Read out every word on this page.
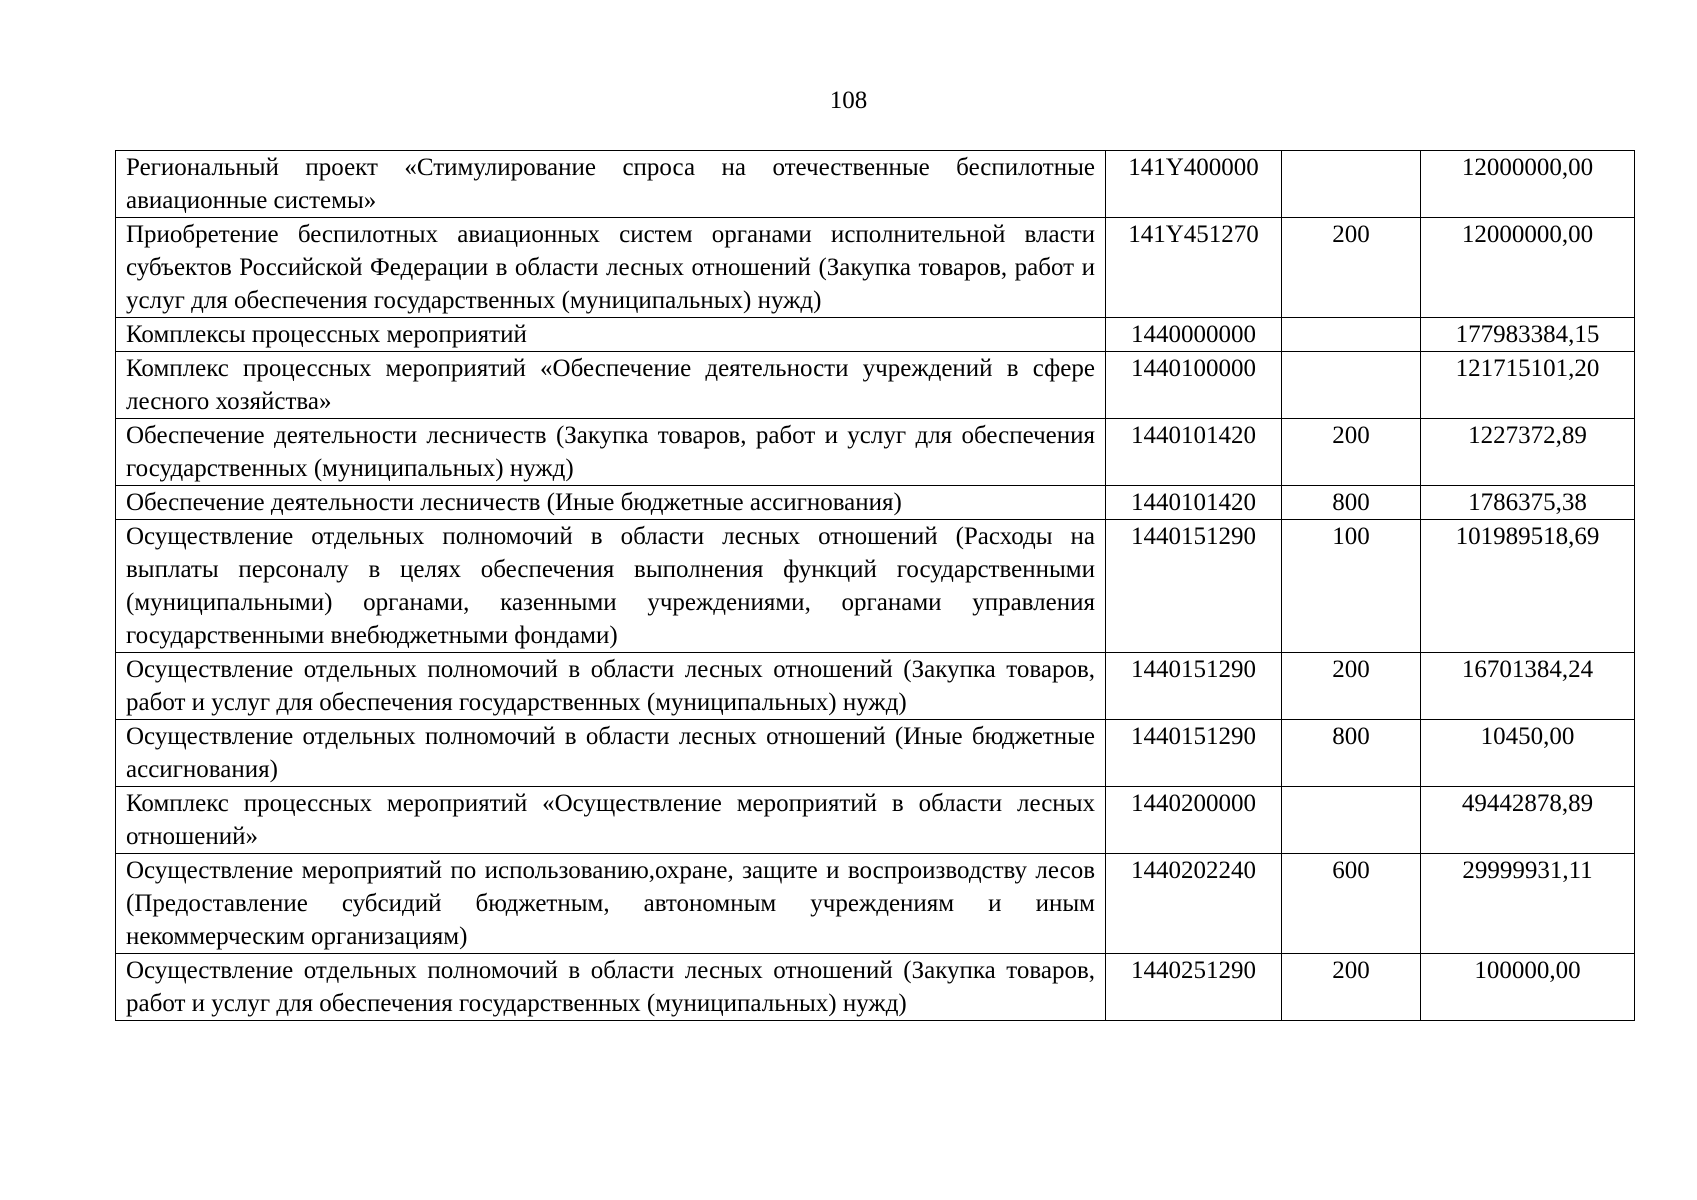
108
Региональный проект «Стимулирование спроса на отечественные беспилотные авиационные системы»	141Y400000		12000000,00
Приобретение беспилотных авиационных систем органами исполнительной власти субъектов Российской Федерации в области лесных отношений (Закупка товаров, работ и услуг для обеспечения государственных (муниципальных) нужд)	141Y451270	200	12000000,00
Комплексы процессных мероприятий	1440000000		177983384,15
Комплекс процессных мероприятий «Обеспечение деятельности учреждений в сфере лесного хозяйства»	1440100000		121715101,20
Обеспечение деятельности лесничеств (Закупка товаров, работ и услуг для обеспечения государственных (муниципальных) нужд)	1440101420	200	1227372,89
Обеспечение деятельности лесничеств (Иные бюджетные ассигнования)	1440101420	800	1786375,38
Осуществление отдельных полномочий в области лесных отношений (Расходы на выплаты персоналу в целях обеспечения выполнения функций государственными (муниципальными) органами, казенными учреждениями, органами управления государственными внебюджетными фондами)	1440151290	100	101989518,69
Осуществление отдельных полномочий в области лесных отношений (Закупка товаров, работ и услуг для обеспечения государственных (муниципальных) нужд)	1440151290	200	16701384,24
Осуществление отдельных полномочий в области лесных отношений (Иные бюджетные ассигнования)	1440151290	800	10450,00
Комплекс процессных мероприятий «Осуществление мероприятий в области лесных отношений»	1440200000		49442878,89
Осуществление мероприятий по использованию,охране, защите и воспроизводству лесов (Предоставление субсидий бюджетным, автономным учреждениям и иным некоммерческим организациям)	1440202240	600	29999931,11
Осуществление отдельных полномочий в области лесных отношений (Закупка товаров, работ и услуг для обеспечения государственных (муниципальных) нужд)	1440251290	200	100000,00
